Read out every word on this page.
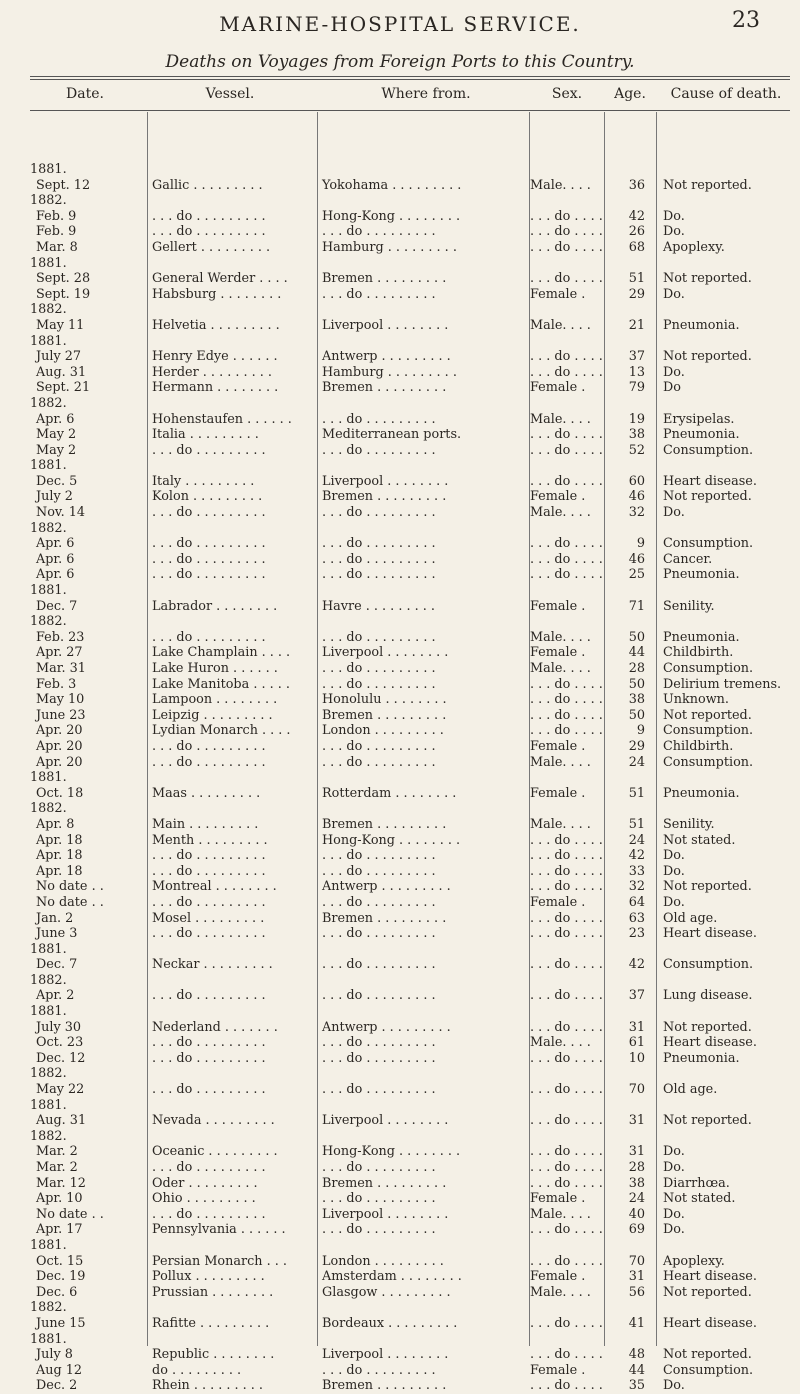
MARINE-HOSPITAL SERVICE.	23
Deaths on Voyages from Foreign Ports to this Country.
Date.	Vessel.	Where from.	Sex.	Age.	Cause of death.
1881.					
Sept. 12	Gallic . . . . . . . . .	Yokohama . . . . . . . . .	Male. . . .	36	Not reported.
1882.					
Feb. 9	. . . do . . . . . . . . .	Hong-Kong . . . . . . . .	. . . do . . . .	42	Do.
Feb. 9	. . . do . . . . . . . . .	. . . do . . . . . . . . .	. . . do . . . .	26	Do.
Mar. 8	Gellert . . . . . . . . .	Hamburg . . . . . . . . .	. . . do . . . .	68	Apoplexy.
1881.					
Sept. 28	General Werder . . . .	Bremen . . . . . . . . .	. . . do . . . .	51	Not reported.
Sept. 19	Habsburg . . . . . . . .	. . . do . . . . . . . . .	Female .	29	Do.
1882.					
May 11	Helvetia . . . . . . . . .	Liverpool . . . . . . . .	Male. . . .	21	Pneumonia.
1881.					
July 27	Henry Edye . . . . . .	Antwerp . . . . . . . . .	. . . do . . . .	37	Not reported.
Aug. 31	Herder . . . . . . . . .	Hamburg . . . . . . . . .	. . . do . . . .	13	Do.
Sept. 21	Hermann . . . . . . . .	Bremen . . . . . . . . .	Female .	79	Do
1882.					
Apr. 6	Hohenstaufen . . . . . .	. . . do . . . . . . . . .	Male. . . .	19	Erysipelas.
May 2	Italia . . . . . . . . .	Mediterranean ports.	. . . do . . . .	38	Pneumonia.
May 2	. . . do . . . . . . . . .	. . . do . . . . . . . . .	. . . do . . . .	52	Consumption.
1881.					
Dec. 5	Italy . . . . . . . . .	Liverpool . . . . . . . .	. . . do . . . .	60	Heart disease.
July 2	Kolon . . . . . . . . .	Bremen . . . . . . . . .	Female .	46	Not reported.
Nov. 14	. . . do . . . . . . . . .	. . . do . . . . . . . . .	Male. . . .	32	Do.
1882.					
Apr. 6	. . . do . . . . . . . . .	. . . do . . . . . . . . .	. . . do . . . .	9	Consumption.
Apr. 6	. . . do . . . . . . . . .	. . . do . . . . . . . . .	. . . do . . . .	46	Cancer.
Apr. 6	. . . do . . . . . . . . .	. . . do . . . . . . . . .	. . . do . . . .	25	Pneumonia.
1881.					
Dec. 7	Labrador . . . . . . . .	Havre . . . . . . . . .	Female .	71	Senility.
1882.					
Feb. 23	. . . do . . . . . . . . .	. . . do . . . . . . . . .	Male. . . .	50	Pneumonia.
Apr. 27	Lake Champlain . . . .	Liverpool . . . . . . . .	Female .	44	Childbirth.
Mar. 31	Lake Huron . . . . . .	. . . do . . . . . . . . .	Male. . . .	28	Consumption.
Feb. 3	Lake Manitoba . . . . .	. . . do . . . . . . . . .	. . . do . . . .	50	Delirium tremens.
May 10	Lampoon . . . . . . . .	Honolulu . . . . . . . .	. . . do . . . .	38	Unknown.
June 23	Leipzig . . . . . . . . .	Bremen . . . . . . . . .	. . . do . . . .	50	Not reported.
Apr. 20	Lydian Monarch . . . .	London . . . . . . . . .	. . . do . . . .	9	Consumption.
Apr. 20	. . . do . . . . . . . . .	. . . do . . . . . . . . .	Female .	29	Childbirth.
Apr. 20	. . . do . . . . . . . . .	. . . do . . . . . . . . .	Male. . . .	24	Consumption.
1881.					
Oct. 18	Maas . . . . . . . . .	Rotterdam . . . . . . . .	Female .	51	Pneumonia.
1882.					
Apr. 8	Main . . . . . . . . .	Bremen . . . . . . . . .	Male. . . .	51	Senility.
Apr. 18	Menth . . . . . . . . .	Hong-Kong . . . . . . . .	. . . do . . . .	24	Not stated.
Apr. 18	. . . do . . . . . . . . .	. . . do . . . . . . . . .	. . . do . . . .	42	Do.
Apr. 18	. . . do . . . . . . . . .	. . . do . . . . . . . . .	. . . do . . . .	33	Do.
No date . .	Montreal . . . . . . . .	Antwerp . . . . . . . . .	. . . do . . . .	32	Not reported.
No date . .	. . . do . . . . . . . . .	. . . do . . . . . . . . .	Female .	64	Do.
Jan. 2	Mosel . . . . . . . . .	Bremen . . . . . . . . .	. . . do . . . .	63	Old age.
June 3	. . . do . . . . . . . . .	. . . do . . . . . . . . .	. . . do . . . .	23	Heart disease.
1881.					
Dec. 7	Neckar . . . . . . . . .	. . . do . . . . . . . . .	. . . do . . . .	42	Consumption.
1882.					
Apr. 2	. . . do . . . . . . . . .	. . . do . . . . . . . . .	. . . do . . . .	37	Lung disease.
1881.					
July 30	Nederland . . . . . . .	Antwerp . . . . . . . . .	. . . do . . . .	31	Not reported.
Oct. 23	. . . do . . . . . . . . .	. . . do . . . . . . . . .	Male. . . .	61	Heart disease.
Dec. 12	. . . do . . . . . . . . .	. . . do . . . . . . . . .	. . . do . . . .	10	Pneumonia.
1882.					
May 22	. . . do . . . . . . . . .	. . . do . . . . . . . . .	. . . do . . . .	70	Old age.
1881.					
Aug. 31	Nevada . . . . . . . . .	Liverpool . . . . . . . .	. . . do . . . .	31	Not reported.
1882.					
Mar. 2	Oceanic . . . . . . . . .	Hong-Kong . . . . . . . .	. . . do . . . .	31	Do.
Mar. 2	. . . do . . . . . . . . .	. . . do . . . . . . . . .	. . . do . . . .	28	Do.
Mar. 12	Oder . . . . . . . . .	Bremen . . . . . . . . .	. . . do . . . .	38	Diarrhœa.
Apr. 10	Ohio . . . . . . . . .	. . . do . . . . . . . . .	Female .	24	Not stated.
No date . .	. . . do . . . . . . . . .	Liverpool . . . . . . . .	Male. . . .	40	Do.
Apr. 17	Pennsylvania . . . . . .	. . . do . . . . . . . . .	. . . do . . . .	69	Do.
1881.					
Oct. 15	Persian Monarch . . .	London . . . . . . . . .	. . . do . . . .	70	Apoplexy.
Dec. 19	Pollux . . . . . . . . .	Amsterdam . . . . . . . .	Female .	31	Heart disease.
Dec. 6	Prussian . . . . . . . .	Glasgow . . . . . . . . .	Male. . . .	56	Not reported.
1882.					
June 15	Rafitte . . . . . . . . .	Bordeaux . . . . . . . . .	. . . do . . . .	41	Heart disease.
1881.					
July 8	Republic . . . . . . . .	Liverpool . . . . . . . .	. . . do . . . .	48	Not reported.
Aug 12	do . . . . . . . . .	. . . do . . . . . . . . .	Female .	44	Consumption.
Dec. 2	Rhein . . . . . . . . .	Bremen . . . . . . . . .	. . . do . . . .	35	Do.
